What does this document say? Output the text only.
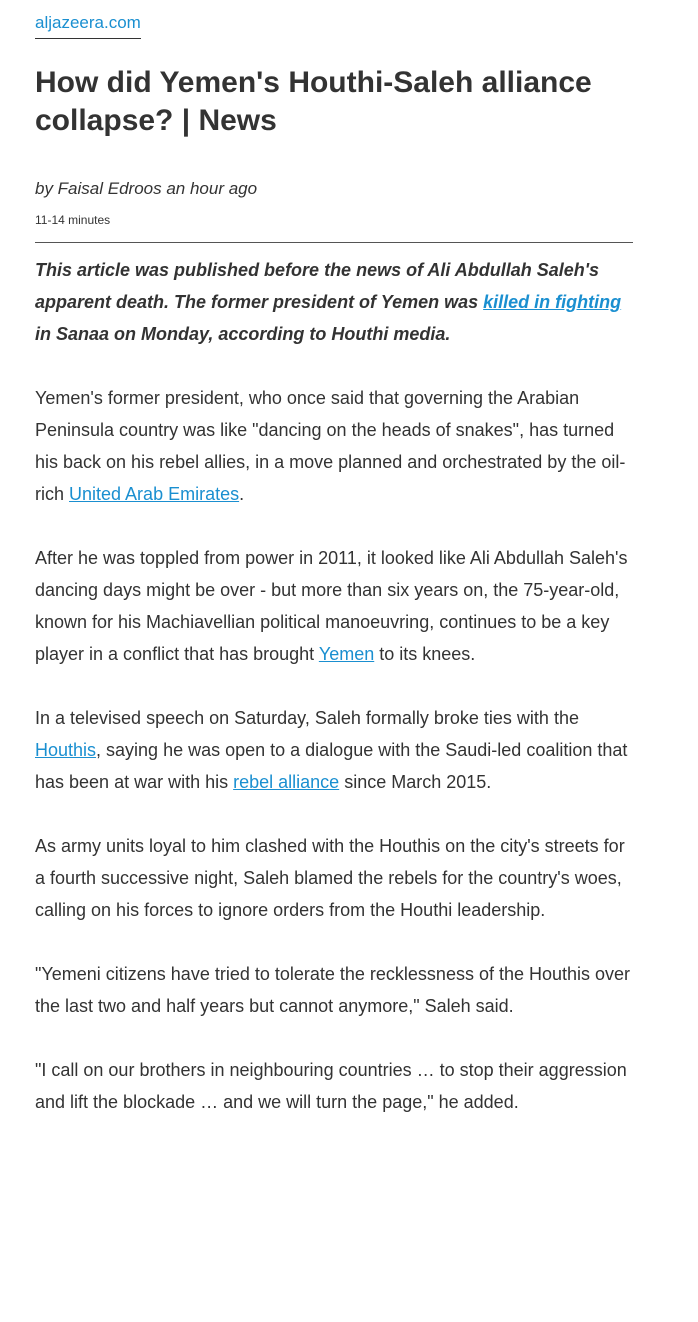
aljazeera.com
How did Yemen's Houthi-Saleh alliance collapse? | News

by Faisal Edroos an hour ago

11-14 minutes

This article was published before the news of Ali Abdullah Saleh's apparent death. The former president of Yemen was killed in fighting in Sanaa on Monday, according to Houthi media.

Yemen's former president, who once said that governing the Arabian Peninsula country was like "dancing on the heads of snakes", has turned his back on his rebel allies, in a move planned and orchestrated by the oil-rich United Arab Emirates.

After he was toppled from power in 2011, it looked like Ali Abdullah Saleh's dancing days might be over - but more than six years on, the 75-year-old, known for his Machiavellian political manoeuvring, continues to be a key player in a conflict that has brought Yemen to its knees.

In a televised speech on Saturday, Saleh formally broke ties with the Houthis, saying he was open to a dialogue with the Saudi-led coalition that has been at war with his rebel alliance since March 2015.

As army units loyal to him clashed with the Houthis on the city's streets for a fourth successive night, Saleh blamed the rebels for the country's woes, calling on his forces to ignore orders from the Houthi leadership.

"Yemeni citizens have tried to tolerate the recklessness of the Houthis over the last two and half years but cannot anymore," Saleh said.

"I call on our brothers in neighbouring countries … to stop their aggression and lift the blockade … and we will turn the page," he added.
